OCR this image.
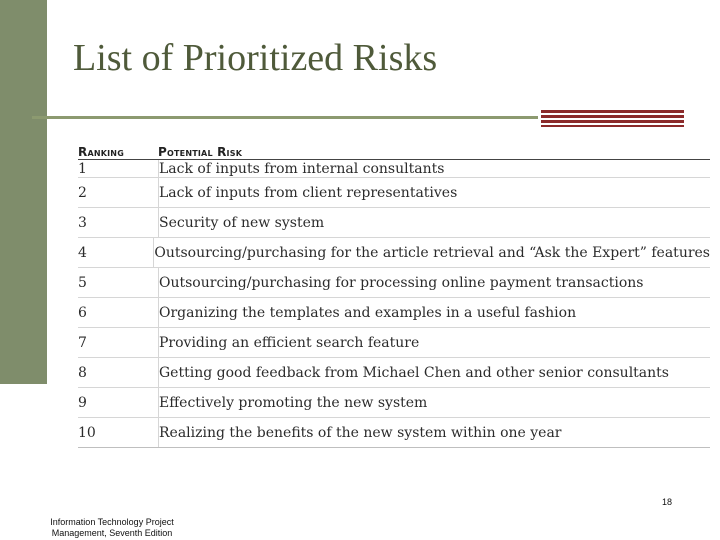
List of Prioritized Risks
Ranking	Potential Risk
1	Lack of inputs from internal consultants
2	Lack of inputs from client representatives
3	Security of new system
4	Outsourcing/purchasing for the article retrieval and “Ask the Expert” features
5	Outsourcing/purchasing for processing online payment transactions
6	Organizing the templates and examples in a useful fashion
7	Providing an efficient search feature
8	Getting good feedback from Michael Chen and other senior consultants
9	Effectively promoting the new system
10	Realizing the benefits of the new system within one year
18
Information Technology Project
Management, Seventh Edition
